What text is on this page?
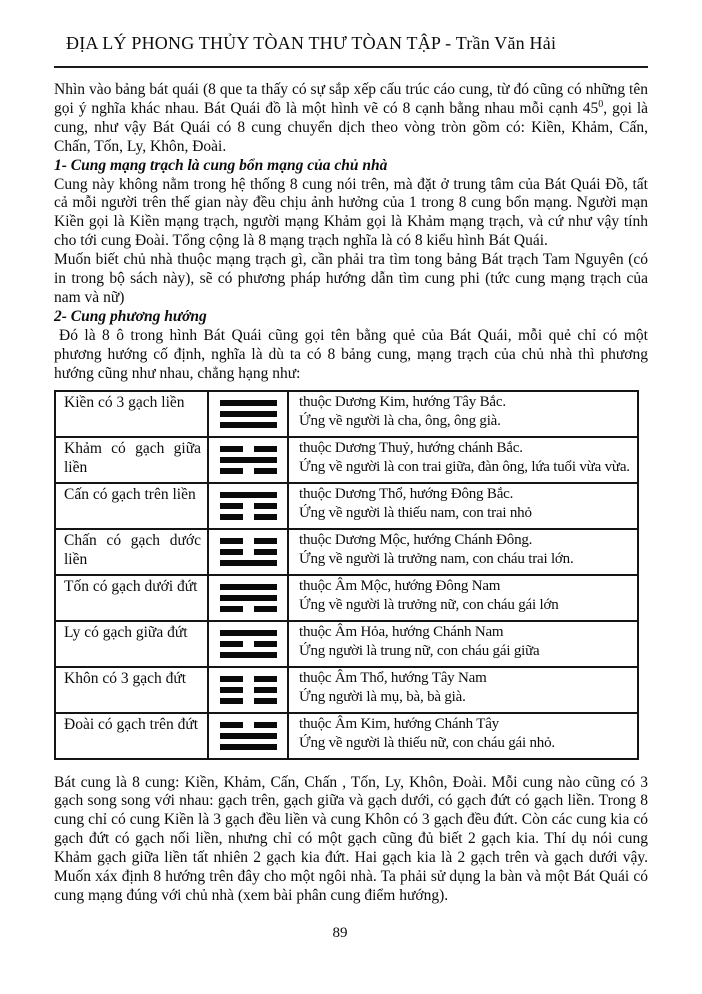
ĐỊA LÝ PHONG THỦY TÒAN THƯ TÒAN TẬP - Trần Văn Hải

Nhìn vào bảng bát quái (8 que ta thấy có sự sắp xếp cấu trúc cáo cung, từ đó cũng có những tên gọi ý nghĩa khác nhau. Bát Quái đồ là một hình vẽ có 8 cạnh bằng nhau mỗi cạnh $45^0$, gọi là cung, như vậy Bát Quái có 8 cung chuyển dịch theo vòng tròn gồm có: Kiền, Khảm, Cấn, Chấn, Tốn, Ly, Khôn, Đoài.

1- Cung mạng trạch là cung bổn mạng của chủ nhà

Cung này không nằm trong hệ thống 8 cung nói trên, mà đặt ở trung tâm của Bát Quái Đồ, tất cả mỗi người trên thế gian này đều chịu ảnh hưởng của 1 trong 8 cung bổn mạng. Người mạn Kiền gọi là Kiền mạng trạch, người mạng Khảm gọi là Khảm mạng trạch, và cứ như vậy tính cho tới cung Đoài. Tổng cộng là 8 mạng trạch nghĩa là có 8 kiểu hình Bát Quái.

Muốn biết chủ nhà thuộc mạng trạch gì, cần phải tra tìm tong bảng Bát trạch Tam Nguyên (có in trong bộ sách này), sẽ có phương pháp hướng dẫn tìm cung phi (tức cung mạng trạch của nam và nữ)

2- Cung phương hướng

Đó là 8 ô trong hình Bát Quái cũng gọi tên bằng quẻ của Bát Quái, mỗi quẻ chỉ có một phương hướng cố định, nghĩa là dù ta có 8 bảng cung, mạng trạch của chủ nhà thì phương hướng cũng như nhau, chẳng hạng như:

Kiền có 3 gạch liền		thuộc Dương Kim, hướng Tây Bắc.
Ứng về người là cha, ông, ông già.

Khảm có gạch giữa liền		thuộc Dương Thuỷ, hướng chánh Bắc.
Ứng về người là con trai giữa, đàn ông, lứa tuổi vừa vừa.

Cấn có gạch trên liền		thuộc Dương Thổ, hướng Đông Bắc.
Ứng về người là thiếu nam, con trai nhỏ

Chấn có gạch dước liền		thuộc Dương Mộc, hướng Chánh Đông.
Ứng về người là trưởng nam, con cháu trai lớn.

Tốn có gạch dưới đứt		thuộc Âm Mộc, hướng Đông Nam
Ứng về người là trưởng nữ, con cháu gái lớn

Ly có gạch giữa đứt		thuộc Âm Hỏa, hướng Chánh Nam
Ứng người là trung nữ, con cháu gái giữa

Khôn có 3 gạch đứt		thuộc Âm Thổ, hướng Tây Nam
Ứng người là mụ, bà, bà già.

Đoài có gạch trên đứt		thuộc Âm Kim, hướng Chánh Tây
Ứng về người là thiếu nữ, con cháu gái nhỏ.

Bát cung là 8 cung: Kiền, Khảm, Cấn, Chấn , Tốn, Ly, Khôn, Đoài. Mỗi cung nào cũng có 3 gạch song song với nhau: gạch trên, gạch giữa và gạch dưới, có gạch đứt có gạch liền. Trong 8 cung chỉ có cung Kiền là 3 gạch đều liền và cung Khôn có 3 gạch đều đứt. Còn các cung kia có gạch đứt có gạch nối liền, nhưng chỉ có một gạch cũng đủ biết 2 gạch kia. Thí dụ nói cung Khảm gạch giữa liền tất nhiên 2 gạch kia đứt. Hai gạch kia là 2 gạch trên và gạch dưới vậy. Muốn xáx định 8 hướng trên đây cho một ngôi nhà. Ta phải sử dụng la bàn và một Bát Quái có cung mạng đúng với chủ nhà (xem bài phân cung điểm hướng).

89
